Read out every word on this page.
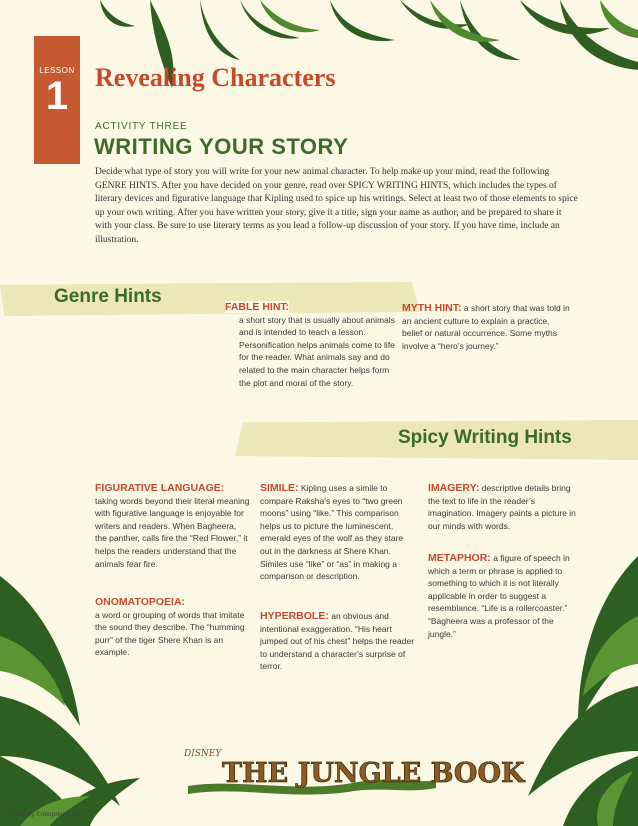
LESSON
1	Revealing Characters
ACTIVITY THREE
WRITING YOUR STORY

Decide what type of story you will write for your new animal character. To help make up your mind, read the following GENRE HINTS. After you have decided on your genre, read over SPICY WRITING HINTS, which includes the types of literary devices and figurative language that Kipling used to spice up his writings. Select at least two of those elements to spice up your own writing. After you have written your story, give it a title, sign your name as author, and be prepared to share it with your class. Be sure to use literary terms as you lead a follow-up discussion of your story. If you have time, include an illustration.

Genre Hints	FABLE HINT:
a short story that is usually about animals and is intended to teach a lesson. Personification helps animals come to life for the reader. What animals say and do related to the main character helps form the plot and moral of the story.

MYTH HINT: a short story that was told in an ancient culture to explain a practice, belief or natural occurrence. Some myths involve a “hero’s journey.”

Spicy Writing Hints

FIGURATIVE LANGUAGE:
taking words beyond their literal meaning with figurative language is enjoyable for writers and readers. When Bagheera, the panther, calls fire the “Red Flower,” it helps the readers understand that the animals fear fire.

ONOMATOPOEIA:
a word or grouping of words that imitate the sound they describe. The “humming purr” of the tiger Shere Khan is an example.

SIMILE: Kipling uses a simile to compare Raksha’s eyes to “two green moons” using “like.” This comparison helps us to picture the luminescent, emerald eyes of the wolf as they stare out in the darkness at Shere Khan. Similes use “like” or “as” in making a comparison or description.

HYPERBOLE: an obvious and intentional exaggeration. “His heart jumped out of his chest” helps the reader to understand a character’s surprise of terror.

IMAGERY: descriptive details bring the text to life in the reader’s imagination. Imagery paints a picture in our minds with words.

METAPHOR: a figure of speech in which a term or phrase is applied to something to which it is not literally applicable in order to suggest a resemblance. “Life is a rollercoaster.” “Bagheera was a professor of the jungle.”

DISNEY
THE JUNGLE BOOK
23
© Disney Enterprises, Inc.
